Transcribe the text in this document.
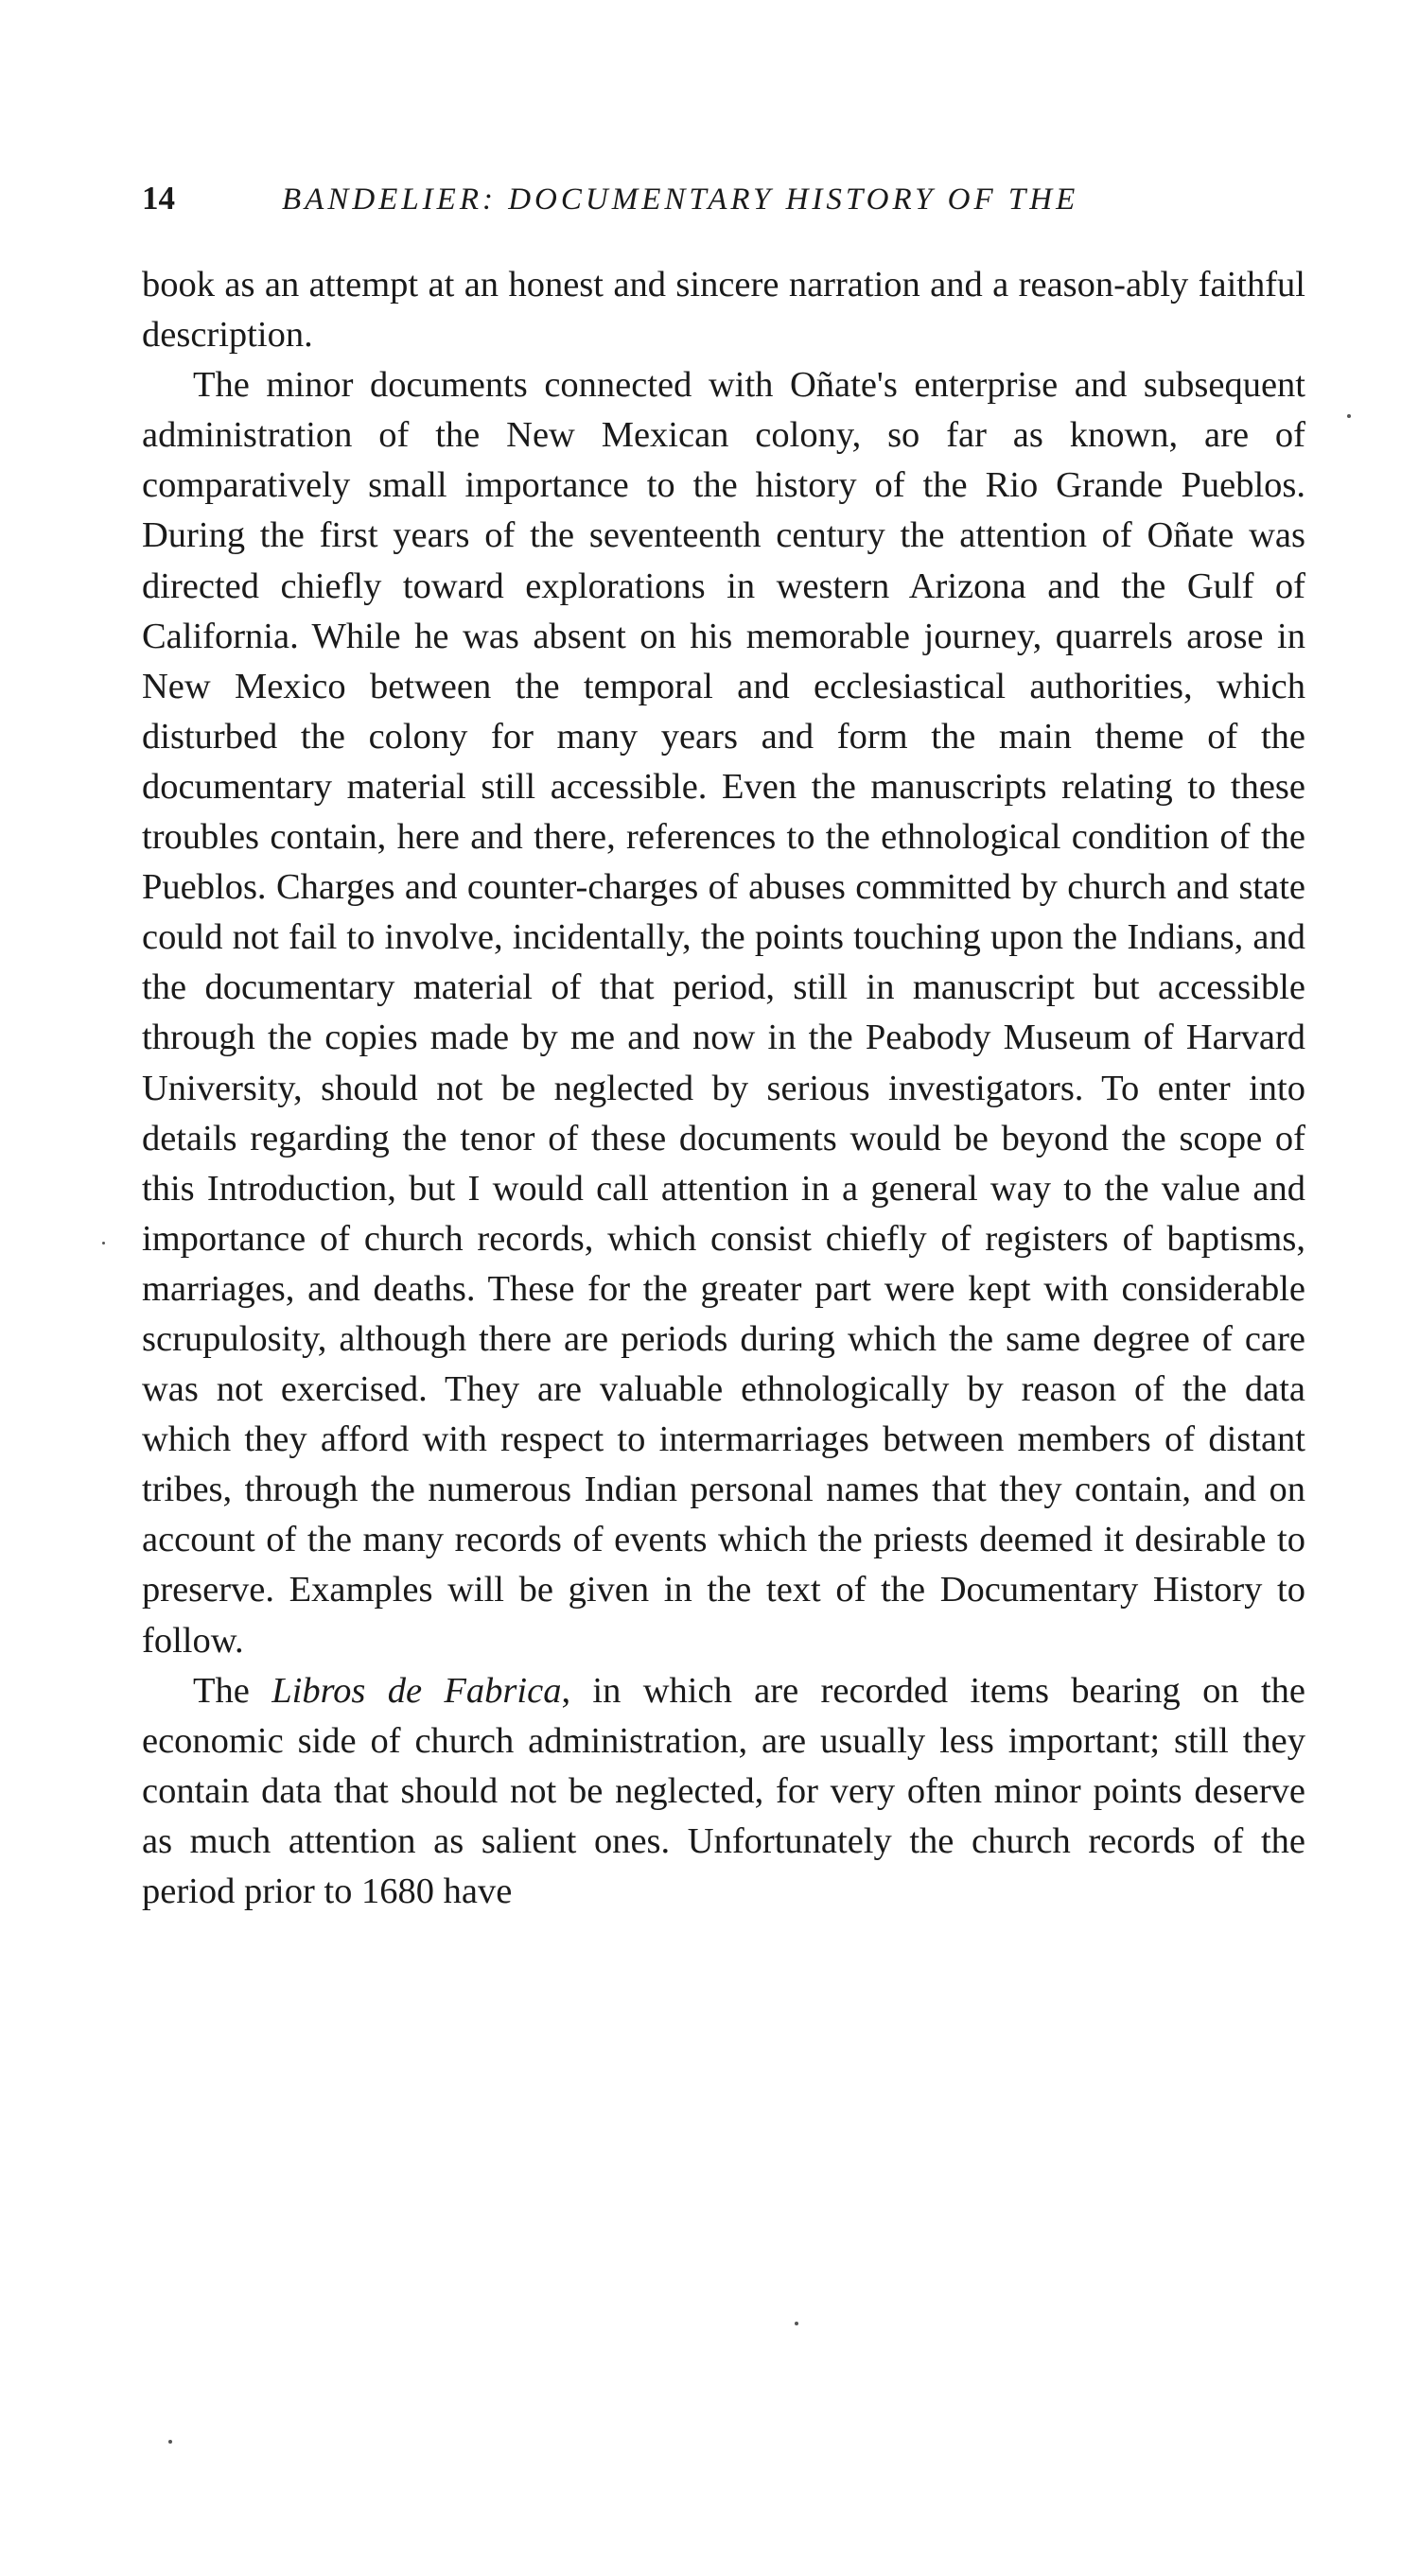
14	BANDELIER: DOCUMENTARY HISTORY OF THE

book as an attempt at an honest and sincere narration and a reason-ably faithful description.

The minor documents connected with Oñate's enterprise and subsequent administration of the New Mexican colony, so far as known, are of comparatively small importance to the history of the Rio Grande Pueblos. During the first years of the seventeenth century the attention of Oñate was directed chiefly toward explorations in western Arizona and the Gulf of California. While he was absent on his memorable journey, quarrels arose in New Mexico between the temporal and ecclesiastical authorities, which disturbed the colony for many years and form the main theme of the documentary material still accessible. Even the manuscripts relating to these troubles contain, here and there, references to the ethnological condition of the Pueblos. Charges and counter-charges of abuses committed by church and state could not fail to involve, incidentally, the points touching upon the Indians, and the documentary material of that period, still in manuscript but accessible through the copies made by me and now in the Peabody Museum of Harvard University, should not be neglected by serious investigators. To enter into details regarding the tenor of these documents would be beyond the scope of this Introduction, but I would call attention in a general way to the value and importance of church records, which consist chiefly of registers of baptisms, marriages, and deaths. These for the greater part were kept with considerable scrupulosity, although there are periods during which the same degree of care was not exercised. They are valuable ethnologically by reason of the data which they afford with respect to intermarriages between members of distant tribes, through the numerous Indian personal names that they contain, and on account of the many records of events which the priests deemed it desirable to preserve. Examples will be given in the text of the Documentary History to follow.

The Libros de Fabrica, in which are recorded items bearing on the economic side of church administration, are usually less important; still they contain data that should not be neglected, for very often minor points deserve as much attention as salient ones. Unfortunately the church records of the period prior to 1680 have
